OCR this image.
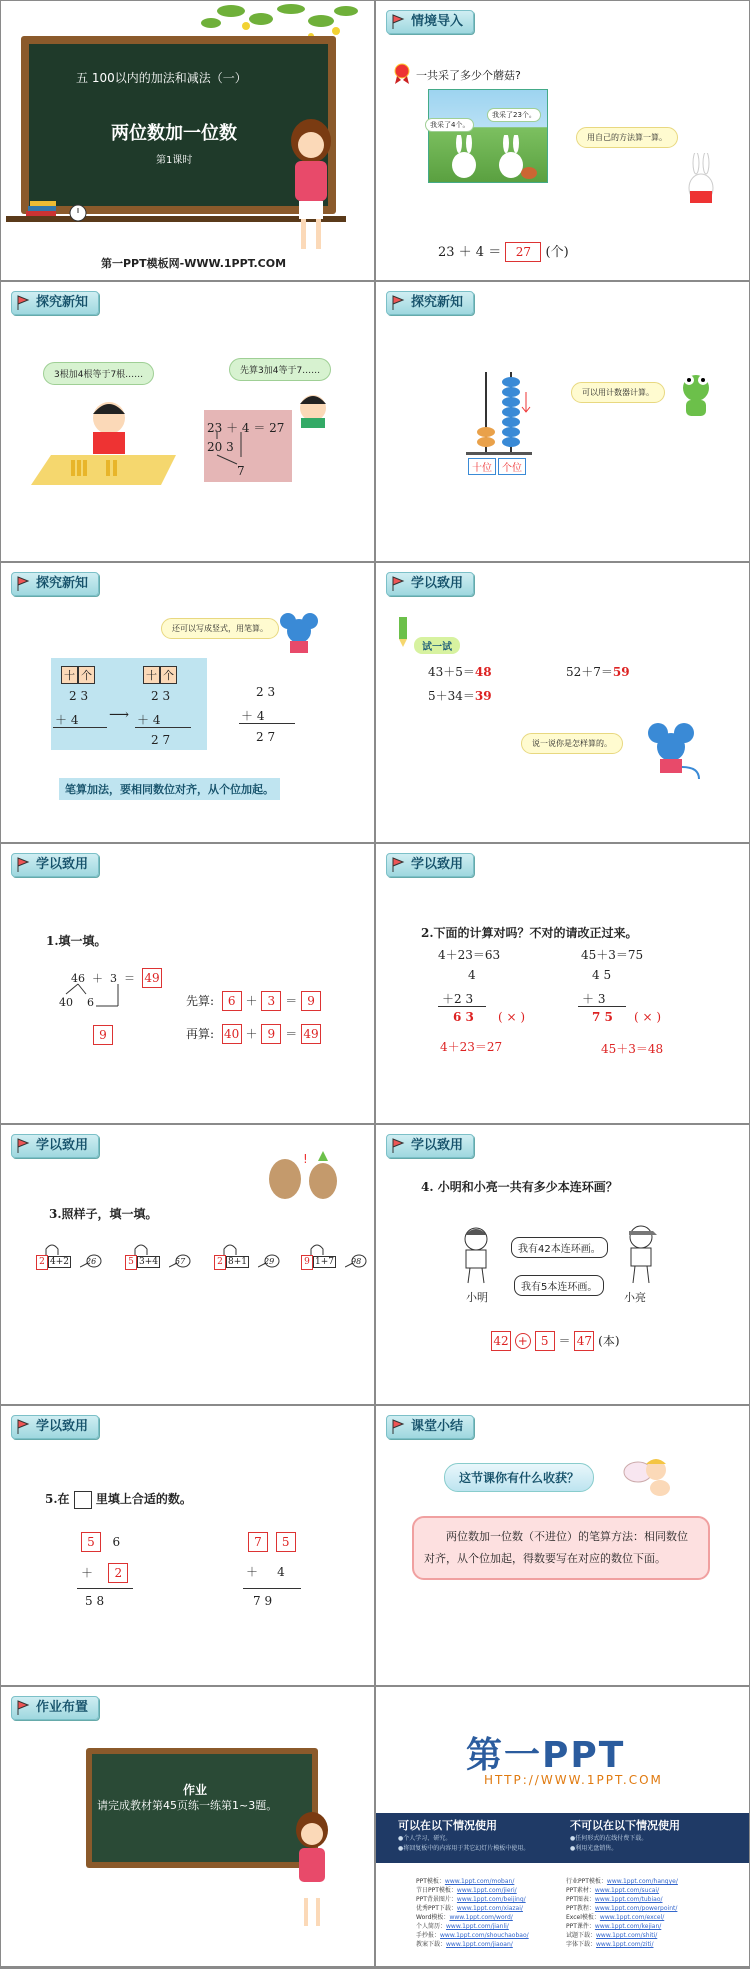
五 100以内的加法和减法（一）
两位数加一位数
第1课时
第一PPT模板网-WWW.1PPT.COM
情境导入
一共采了多少个蘑菇?
我采了4个。
我采了23个。
用自己的方法算一算。
23 ＋ 4 ＝ 27 (个)
探究新知
3根加4根等于7根……	先算3加4等于7……
23 ＋ 4 ＝ 27
20 3
7
探究新知
十位	个位
可以用计数器计算。
探究新知
还可以写成竖式，用笔算。
十 个	十 个
2 3
＋ 4 ⟶
2 3
＋ 4
2 7
2 3
＋ 4
2 7
笔算加法，要相同数位对齐，从个位加起。
学以致用
试一试
43＋5＝48	52＋7＝59
5＋34＝39
说一说你是怎样算的。
学以致用
1.填一填。
46 ＋ 3 ＝ 49
40 6
9
先算: 6 ＋ 3 ＝ 9
再算: 40 ＋ 9 ＝ 49
学以致用
2.下面的计算对吗？不对的请改正过来。
4＋23＝63	45＋3＝75
4
＋2 3
6 3 ( × )
4 5
＋ 3
7 5 ( × )
4＋23＝27	45＋3＝48
学以致用
!
3.照样子，填一填。
2 4+2 26	5 3+4 57	2 8+1 29	9 1+7 98
学以致用
4. 小明和小亮一共有多少本连环画？
我有42本连环画。
我有5本连环画。
小明	小亮
42 + 5 ＝ 47 (本)
学以致用
5.在 里填上合适的数。
5 6
＋ 2
5 8
7 5
＋ 4
7 9
课堂小结
这节课你有什么收获？
两位数加一位数（不进位）的笔算方法：相同数位对齐，从个位加起，得数要写在对应的数位下面。
作业布置
作业
请完成教材第45页练一练第1~3题。
第一PPT
HTTP://WWW.1PPT.COM
可以在以下情况使用
●个人学习、研究。
●将回复板中的内容用于其它幻灯片模板中使用。
不可以在以下情况使用
●任何形式的在线付费下载。
●利用光盘销售。
PPT模板：www.1ppt.com/moban/
节日PPT模板：www.1ppt.com/jieri/
PPT背景图片：www.1ppt.com/beijing/
优秀PPT下载：www.1ppt.com/xiazai/
Word模板：www.1ppt.com/word/
个人简历：www.1ppt.com/jianli/
手抄报：www.1ppt.com/shouchaobao/
教案下载：www.1ppt.com/jiaoan/
行业PPT模板：www.1ppt.com/hangye/
PPT素材：www.1ppt.com/sucai/
PPT图表：www.1ppt.com/tubiao/
PPT教程：www.1ppt.com/powerpoint/
Excel模板：www.1ppt.com/excel/
PPT课件：www.1ppt.com/kejian/
试题下载：www.1ppt.com/shiti/
字体下载：www.1ppt.com/ziti/
